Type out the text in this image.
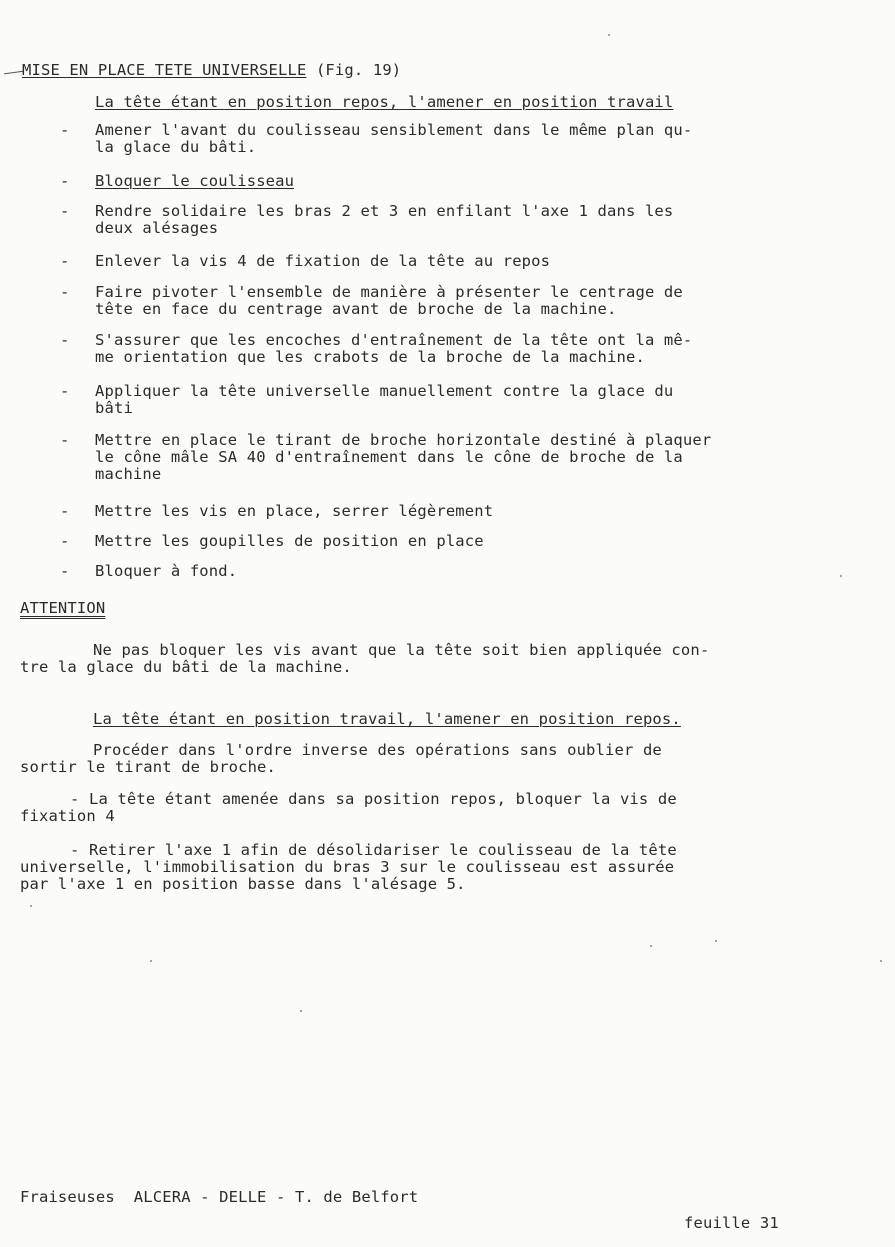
MISE EN PLACE TETE UNIVERSELLE (Fig. 19)

La tête étant en position repos, l'amener en position travail

- Amener l'avant du coulisseau sensiblement dans le même plan qu-
la glace du bâti.

- Bloquer le coulisseau

- Rendre solidaire les bras 2 et 3 en enfilant l'axe 1 dans les
deux alésages

- Enlever la vis 4 de fixation de la tête au repos

- Faire pivoter l'ensemble de manière à présenter le centrage de
tête en face du centrage avant de broche de la machine.

- S'assurer que les encoches d'entraînement de la tête ont la mê-
me orientation que les crabots de la broche de la machine.

- Appliquer la tête universelle manuellement contre la glace du
bâti

- Mettre en place le tirant de broche horizontale destiné à plaquer
le cône mâle SA 40 d'entraînement dans le cône de broche de la
machine

- Mettre les vis en place, serrer légèrement

- Mettre les goupilles de position en place

- Bloquer à fond.

ATTENTION

Ne pas bloquer les vis avant que la tête soit bien appliquée con-

tre la glace du bâti de la machine.

La tête étant en position travail, l'amener en position repos.

Procéder dans l'ordre inverse des opérations sans oublier de

sortir le tirant de broche.

- La tête étant amenée dans sa position repos, bloquer la vis de

fixation 4

- Retirer l'axe 1 afin de désolidariser le coulisseau de la tête

universelle, l'immobilisation du bras 3 sur le coulisseau est assurée

par l'axe 1 en position basse dans l'alésage 5.

Fraiseuses  ALCERA - DELLE - T. de Belfort

feuille 31
